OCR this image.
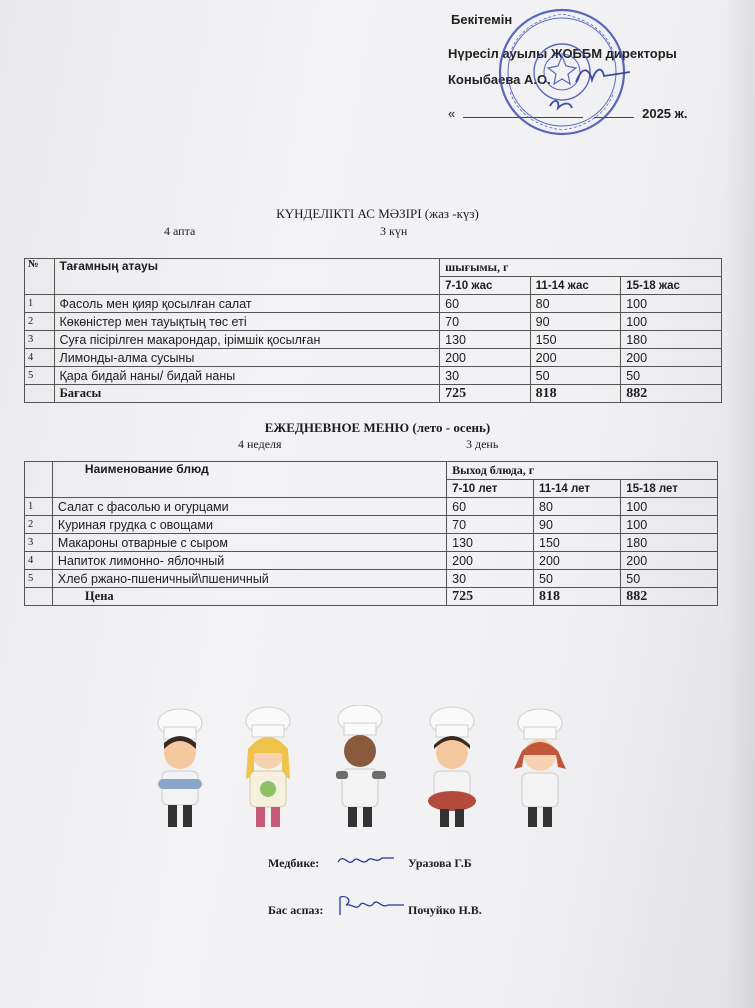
Бекітемін
Нүресіл ауылы ЖОББМ директоры
Коныбаева А.О.
«	2025 ж.
КҮНДЕЛІКТІ АС МӘЗІРІ (жаз -күз)
4 апта	3 күн
№	Тағамның атауы	шығымы, г		
		7-10 жас	11-14 жас	15-18 жас
1	Фасоль мен қияр қосылған салат	60	80	100
2	Көкөністер мен тауықтың төс еті	70	90	100
3	Суға пісірілген макарондар, ірімшік қосылған	130	150	180
4	Лимонды-алма сусыны	200	200	200
5	Қара бидай наны/ бидай наны	30	50	50
	Бағасы	725	818	882
ЕЖЕДНЕВНОЕ МЕНЮ (лето - осень)
4 неделя	3 день
	Наименование блюд	Выход блюда, г		
		7-10 лет	11-14 лет	15-18 лет
1	Салат с фасолью и огурцами	60	80	100
2	Куриная грудка с овощами	70	90	100
3	Макароны отварные с сыром	130	150	180
4	Напиток лимонно- яблочный	200	200	200
5	Хлеб ржано-пшеничный\пшеничный	30	50	50
	Цена	725	818	882
Медбике:	Уразова Г.Б
Бас аспаз:	Почуйко Н.В.
